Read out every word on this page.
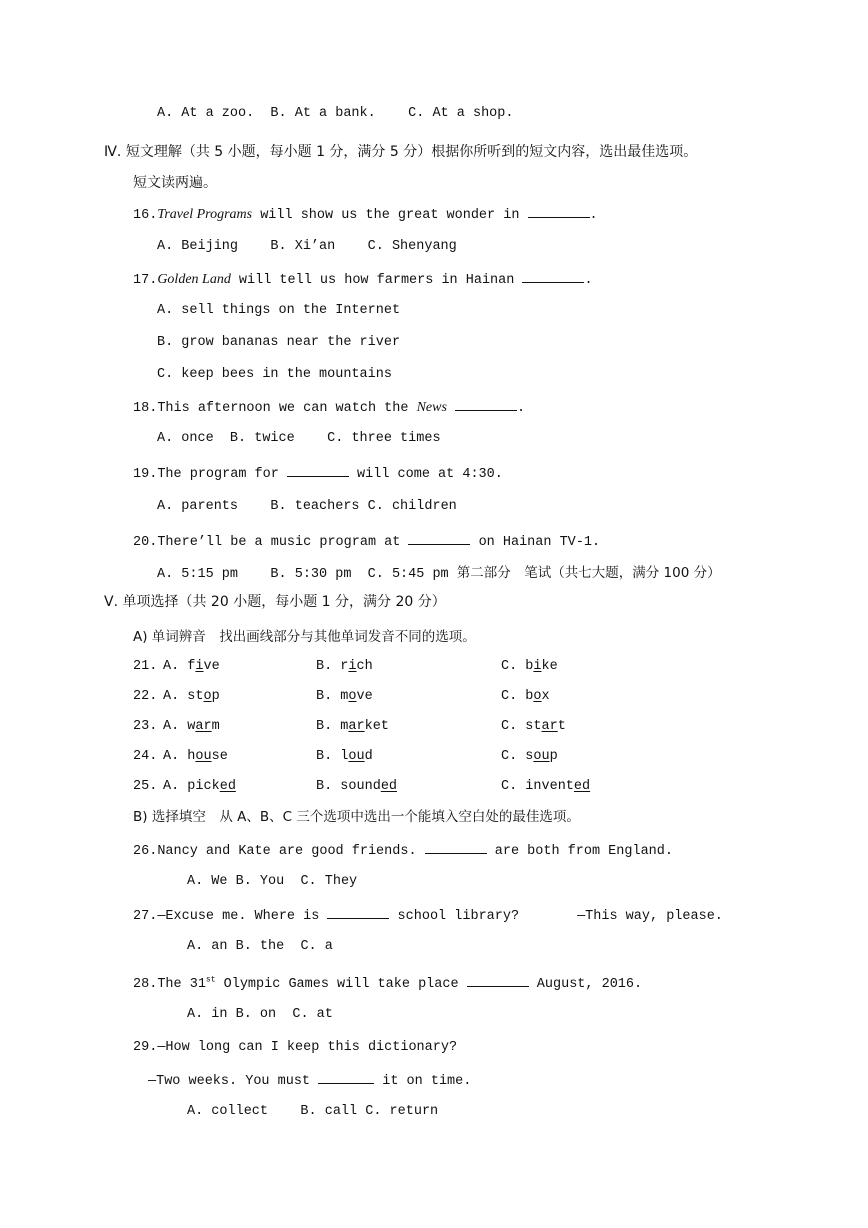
A. At a zoo. B. At a bank. C. At a shop.
Ⅳ. 短文理解（共 5 小题，每小题 1 分，满分 5 分）根据你所听到的短文内容，选出最佳选项。
短文读两遍。
16.Travel Programs will show us the great wonder in	.
A. Beijing B. Xi’an C. Shenyang
17.Golden Land will tell us how farmers in Hainan	.
A. sell things on the Internet
B. grow bananas near the river
C. keep bees in the mountains
18.This afternoon we can watch the News	.
A. once B. twice C. three times
19.The program for	will come at 4:30.
A. parents B. teachers C. children
20.There’ll be a music program at	on Hainan TV-1.
A. 5:15 pm B. 5:30 pm C. 5:45 pm 第二部分　笔试（共七大题，满分 100 分）
Ⅴ. 单项选择（共 20 小题，每小题 1 分，满分 20 分）
A) 单词辨音　找出画线部分与其他单词发音不同的选项。
21. A. five	B. rich	C. bike
22. A. stop	B. move	C. box
23. A. warm	B. market	C. start
24. A. house	B. loud	C. soup
25. A. picked	B. sounded	C. invented
B) 选择填空　从 A、B、C 三个选项中选出一个能填入空白处的最佳选项。
26.Nancy and Kate are good friends.	are both from England.
A. We B. You C. They
27.—Excuse me. Where is	school library?	—This way, please.
A. an B. the C. a
28.The 31st Olympic Games will take place	August, 2016.
A. in B. on C. at
29.—How long can I keep this dictionary?
—Two weeks. You must	it on time.
A. collect B. call C. return
